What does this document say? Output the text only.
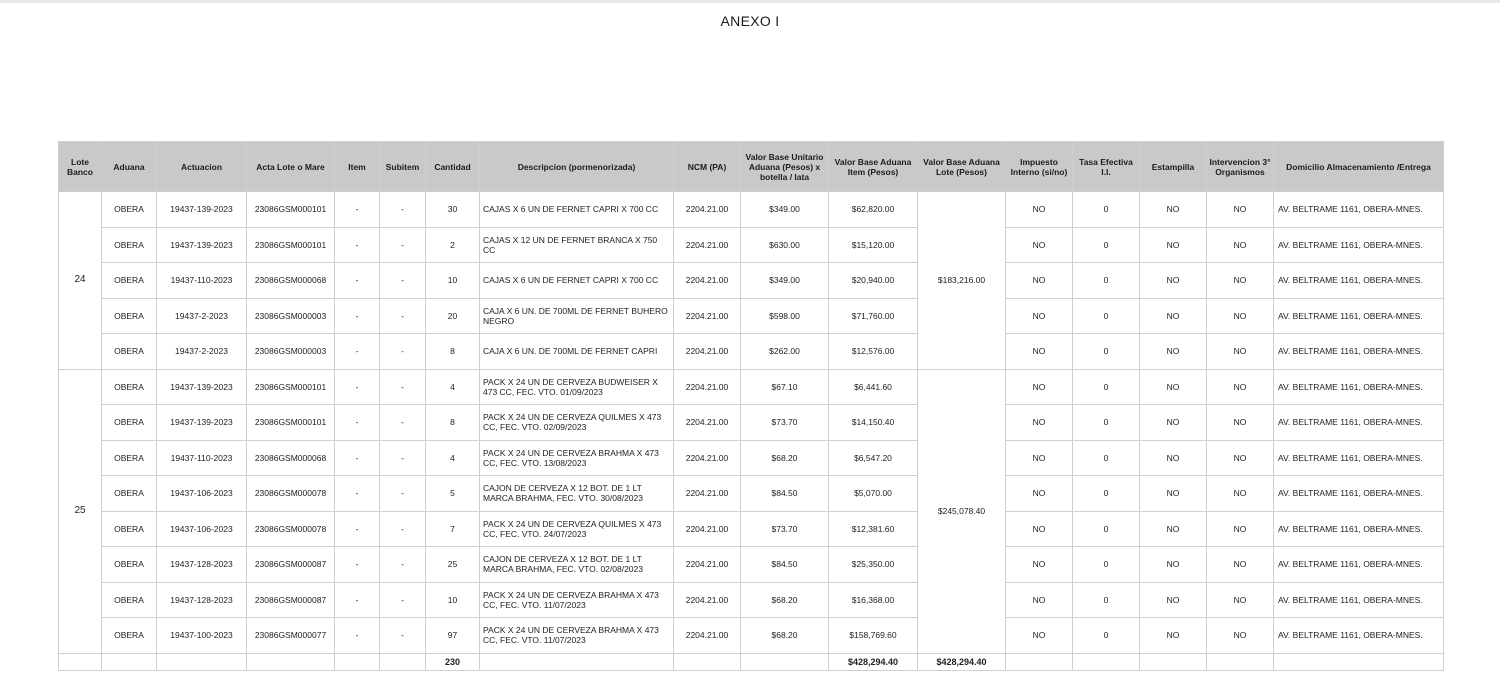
ANEXO I
Lote Banco	Aduana	Actuacion	Acta Lote o Mare	Item	Subitem	Cantidad	Descripcion (pormenorizada)	NCM (PA)	Valor Base Unitario Aduana (Pesos) x botella / lata	Valor Base Aduana Item (Pesos)	Valor Base Aduana Lote (Pesos)	Impuesto Interno (si/no)	Tasa Efectiva I.I.	Estampilla	Intervencion 3° Organismos	Domicilio Almacenamiento /Entrega
24	OBERA	19437-139-2023	23086GSM000101	-	-	30	CAJAS X 6 UN DE FERNET CAPRI X 700 CC	2204.21.00	$349.00	$62,820.00	$183,216.00	NO	0	NO	NO	AV. BELTRAME 1161, OBERA-MNES.
	OBERA	19437-139-2023	23086GSM000101	-	-	2	CAJAS X 12 UN DE FERNET BRANCA X 750 CC	2204.21.00	$630.00	$15,120.00		NO	0	NO	NO	AV. BELTRAME 1161, OBERA-MNES.
	OBERA	19437-110-2023	23086GSM000068	-	-	10	CAJAS X 6 UN DE FERNET CAPRI X 700 CC	2204.21.00	$349.00	$20,940.00		NO	0	NO	NO	AV. BELTRAME 1161, OBERA-MNES.
	OBERA	19437-2-2023	23086GSM000003	-	-	20	CAJA X 6 UN. DE 700ML DE FERNET BUHERO NEGRO	2204.21.00	$598.00	$71,760.00		NO	0	NO	NO	AV. BELTRAME 1161, OBERA-MNES.
	OBERA	19437-2-2023	23086GSM000003	-	-	8	CAJA X 6 UN. DE 700ML DE FERNET CAPRI	2204.21.00	$262.00	$12,576.00		NO	0	NO	NO	AV. BELTRAME 1161, OBERA-MNES.
25	OBERA	19437-139-2023	23086GSM000101	-	-	4	PACK X 24 UN DE CERVEZA BUDWEISER X 473 CC, FEC. VTO. 01/09/2023	2204.21.00	$67.10	$6,441.60	$245,078.40	NO	0	NO	NO	AV. BELTRAME 1161, OBERA-MNES.
	OBERA	19437-139-2023	23086GSM000101	-	-	8	PACK X 24 UN DE CERVEZA QUILMES X 473 CC, FEC. VTO. 02/09/2023	2204.21.00	$73.70	$14,150.40		NO	0	NO	NO	AV. BELTRAME 1161, OBERA-MNES.
	OBERA	19437-110-2023	23086GSM000068	-	-	4	PACK X 24 UN DE CERVEZA BRAHMA X 473 CC, FEC. VTO. 13/08/2023	2204.21.00	$68.20	$6,547.20		NO	0	NO	NO	AV. BELTRAME 1161, OBERA-MNES.
	OBERA	19437-106-2023	23086GSM000078	-	-	5	CAJON DE CERVEZA X 12 BOT. DE 1 LT MARCA BRAHMA, FEC. VTO. 30/08/2023	2204.21.00	$84.50	$5,070.00		NO	0	NO	NO	AV. BELTRAME 1161, OBERA-MNES.
	OBERA	19437-106-2023	23086GSM000078	-	-	7	PACK X 24 UN DE CERVEZA QUILMES X 473 CC, FEC. VTO. 24/07/2023	2204.21.00	$73.70	$12,381.60		NO	0	NO	NO	AV. BELTRAME 1161, OBERA-MNES.
	OBERA	19437-128-2023	23086GSM000087	-	-	25	CAJON DE CERVEZA X 12 BOT. DE 1 LT MARCA BRAHMA, FEC. VTO. 02/08/2023	2204.21.00	$84.50	$25,350.00		NO	0	NO	NO	AV. BELTRAME 1161, OBERA-MNES.
	OBERA	19437-128-2023	23086GSM000087	-	-	10	PACK X 24 UN DE CERVEZA BRAHMA X 473 CC, FEC. VTO. 11/07/2023	2204.21.00	$68.20	$16,368.00		NO	0	NO	NO	AV. BELTRAME 1161, OBERA-MNES.
	OBERA	19437-100-2023	23086GSM000077	-	-	97	PACK X 24 UN DE CERVEZA BRAHMA X 473 CC, FEC. VTO. 11/07/2023	2204.21.00	$68.20	$158,769.60		NO	0	NO	NO	AV. BELTRAME 1161, OBERA-MNES.
						230				$428,294.40	$428,294.40					
